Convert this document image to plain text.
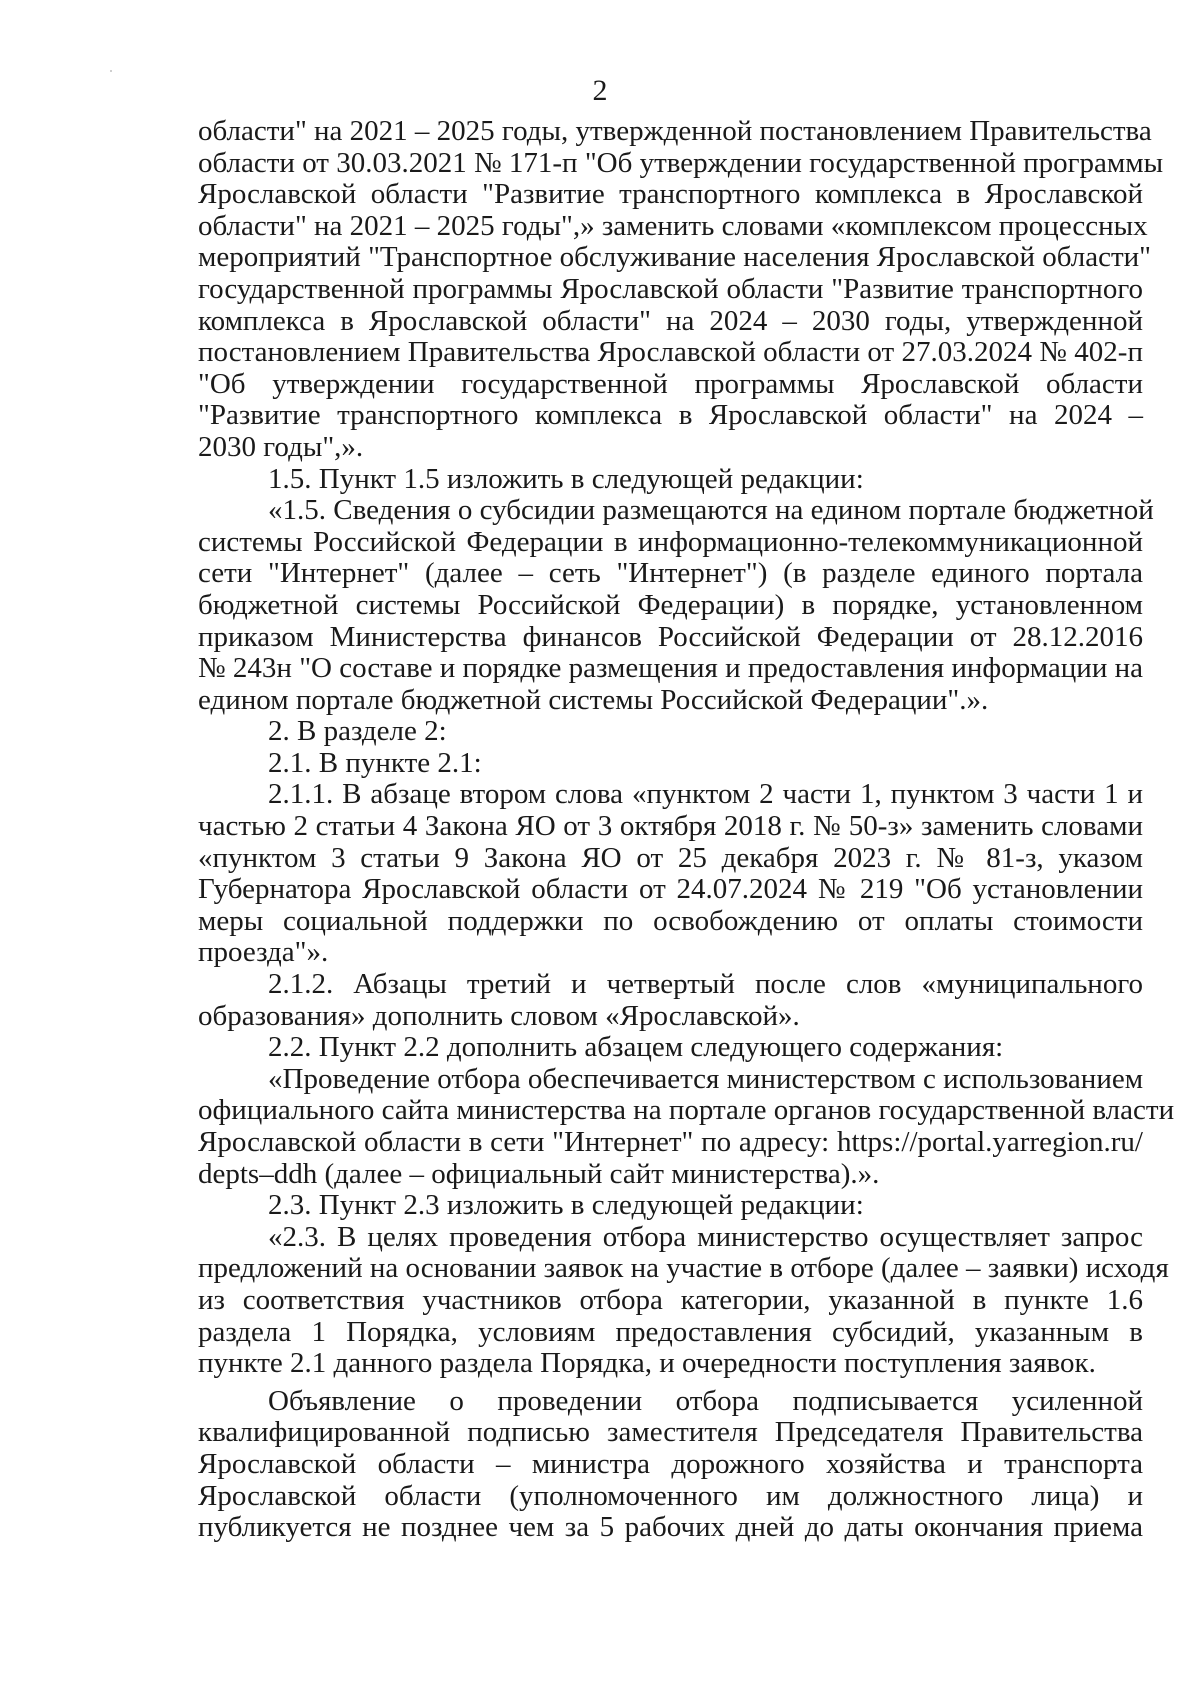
2
области" на 2021 – 2025 годы, утвержденной постановлением Правительства
области от 30.03.2021 № 171-п "Об утверждении государственной программы
Ярославской области "Развитие транспортного комплекса в Ярославской
области" на 2021 – 2025 годы",» заменить словами «комплексом процессных
мероприятий "Транспортное обслуживание населения Ярославской области"
государственной программы Ярославской области "Развитие транспортного
комплекса в Ярославской области" на 2024 – 2030 годы, утвержденной
постановлением Правительства Ярославской области от 27.03.2024 № 402-п
"Об утверждении государственной программы Ярославской области
"Развитие транспортного комплекса в Ярославской области" на 2024 –
2030 годы",».
1.5. Пункт 1.5 изложить в следующей редакции:
«1.5. Сведения о субсидии размещаются на едином портале бюджетной
системы Российской Федерации в информационно-телекоммуникационной
сети "Интернет" (далее – сеть "Интернет") (в разделе единого портала
бюджетной системы Российской Федерации) в порядке, установленном
приказом Министерства финансов Российской Федерации от 28.12.2016
№ 243н "О составе и порядке размещения и предоставления информации на
едином портале бюджетной системы Российской Федерации".».
2. В разделе 2:
2.1. В пункте 2.1:
2.1.1. В абзаце втором слова «пунктом 2 части 1, пунктом 3 части 1 и
частью 2 статьи 4 Закона ЯО от 3 октября 2018 г. № 50-з» заменить словами
«пунктом 3 статьи 9 Закона ЯО от 25 декабря 2023 г. № 81-з, указом
Губернатора Ярославской области от 24.07.2024 № 219 "Об установлении
меры социальной поддержки по освобождению от оплаты стоимости
проезда"».
2.1.2. Абзацы третий и четвертый после слов «муниципального
образования» дополнить словом «Ярославской».
2.2. Пункт 2.2 дополнить абзацем следующего содержания:
«Проведение отбора обеспечивается министерством с использованием
официального сайта министерства на портале органов государственной власти
Ярославской области в сети "Интернет" по адресу: https://portal.yarregion.ru/
depts–ddh (далее – официальный сайт министерства).».
2.3. Пункт 2.3 изложить в следующей редакции:
«2.3. В целях проведения отбора министерство осуществляет запрос
предложений на основании заявок на участие в отборе (далее – заявки) исходя
из соответствия участников отбора категории, указанной в пункте 1.6
раздела 1 Порядка, условиям предоставления субсидий, указанным в
пункте 2.1 данного раздела Порядка, и очередности поступления заявок.
Объявление о проведении отбора подписывается усиленной
квалифицированной подписью заместителя Председателя Правительства
Ярославской области – министра дорожного хозяйства и транспорта
Ярославской области (уполномоченного им должностного лица) и
публикуется не позднее чем за 5 рабочих дней до даты окончания приема
